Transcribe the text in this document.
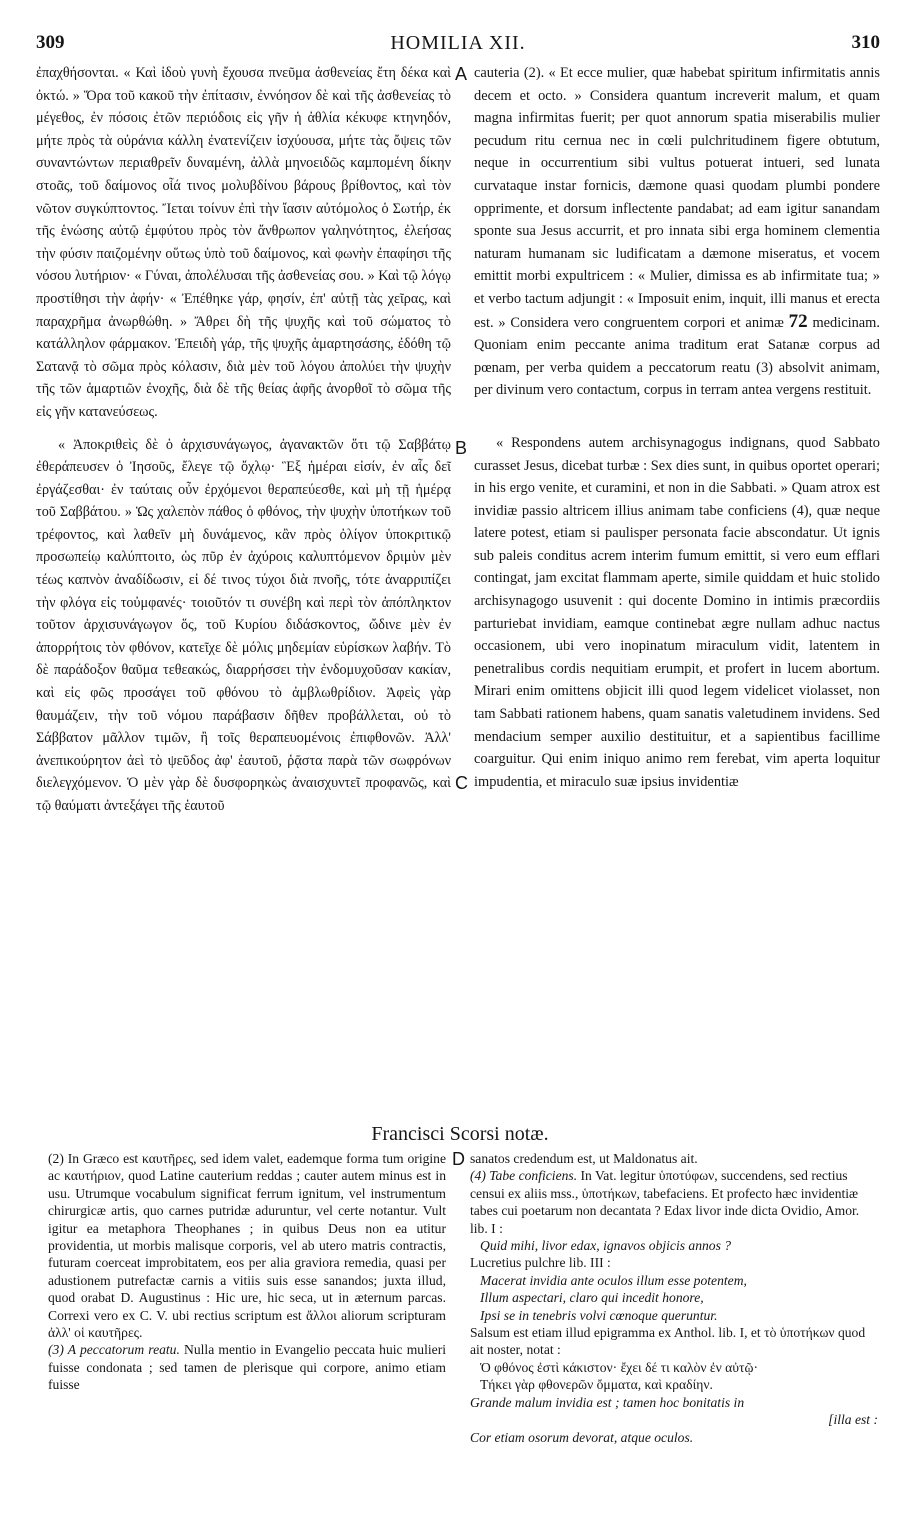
309	HOMILIA XII.	310

ἐπαχθήσονται. « Καὶ ἰδοὺ γυνὴ ἔχουσα πνεῦμα ἀσθενείας ἔτη δέκα καὶ ὀκτώ. » Ὅρα τοῦ κακοῦ τὴν ἐπίτασιν, ἐννόησον δὲ καὶ τῆς ἀσθενείας τὸ μέγεθος, ἐν πόσοις ἐτῶν περιόδοις εἰς γῆν ἡ ἀθλία κέκυφε κτηνηδόν, μήτε πρὸς τὰ οὐράνια κάλλη ἐνατενίζειν ἰσχύουσα, μήτε τὰς ὄψεις τῶν συναντώντων περιαθρεῖν δυναμένη, ἀλλὰ μηνοειδῶς καμπομένη δίκην στοᾶς, τοῦ δαίμονος οἷά τινος μολυβδίνου βάρους βρίθοντος, καὶ τὸν νῶτον συγκύπτοντος. Ἴεται τοίνυν ἐπὶ τὴν ἴασιν αὐτόμολος ὁ Σωτήρ, ἐκ τῆς ἑνώσης αὐτῷ ἐμφύτου πρὸς τὸν ἄνθρωπον γαληνότητος, ἐλεήσας τὴν φύσιν παιζομένην οὕτως ὑπὸ τοῦ δαίμονος, καὶ φωνὴν ἐπαφίησι τῆς νόσου λυτήριον· « Γύναι, ἀπολέλυσαι τῆς ἀσθενείας σου. » Καὶ τῷ λόγῳ προστίθησι τὴν ἀφήν· « Ἐπέθηκε γάρ, φησίν, ἐπ' αὐτῇ τὰς χεῖρας, καὶ παραχρῆμα ἀνωρθώθη. » Ἄθρει δὴ τῆς ψυχῆς καὶ τοῦ σώματος τὸ κατάλληλον φάρμακον. Ἐπειδὴ γάρ, τῆς ψυχῆς ἁμαρτησάσης, ἐδόθη τῷ Σατανᾷ τὸ σῶμα πρὸς κόλασιν, διὰ μὲν τοῦ λόγου ἀπολύει τὴν ψυχὴν τῆς τῶν ἁμαρτιῶν ἐνοχῆς, διὰ δὲ τῆς θείας ἀφῆς ἀνορθοῖ τὸ σῶμα τῆς εἰς γῆν κατανεύσεως.

« Ἀποκριθεὶς δὲ ὁ ἀρχισυνάγωγος, ἀγανακτῶν ὅτι τῷ Σαββάτῳ ἐθεράπευσεν ὁ Ἰησοῦς, ἔλεγε τῷ ὄχλῳ· Ἓξ ἡμέραι εἰσίν, ἐν αἷς δεῖ ἐργάζεσθαι· ἐν ταύταις οὖν ἐρχόμενοι θεραπεύεσθε, καὶ μὴ τῇ ἡμέρᾳ τοῦ Σαββάτου. » Ὡς χαλεπὸν πάθος ὁ φθόνος, τὴν ψυχὴν ὑποτήκων τοῦ τρέφοντος, καὶ λαθεῖν μὴ δυνάμενος, κἂν πρὸς ὀλίγον ὑποκριτικῷ προσωπείῳ καλύπτοιτο, ὡς πῦρ ἐν ἀχύροις καλυπτόμενον δριμὺν μὲν τέως καπνὸν ἀναδίδωσιν, εἰ δέ τινος τύχοι διὰ πνοῆς, τότε ἀναρριπίζει τὴν φλόγα εἰς τοὐμφανές· τοιοῦτόν τι συνέβη καὶ περὶ τὸν ἀπόπληκτον τοῦτον ἀρχισυνάγωγον ὅς, τοῦ Κυρίου διδάσκοντος, ὤδινε μὲν ἐν ἀπορρήτοις τὸν φθόνον, κατεῖχε δὲ μόλις μηδεμίαν εὑρίσκων λαβήν. Τὸ δὲ παράδοξον θαῦμα τεθεακώς, διαρρήσσει τὴν ἐνδομυχοῦσαν κακίαν, καὶ εἰς φῶς προσάγει τοῦ φθόνου τὸ ἀμβλωθρίδιον. Ἀφεὶς γὰρ θαυμάζειν, τὴν τοῦ νόμου παράβασιν δῆθεν προβάλλεται, οὐ τὸ Σάββατον μᾶλλον τιμῶν, ἢ τοῖς θεραπευομένοις ἐπιφθονῶν. Ἀλλ' ἀνεπικούρητον ἀεὶ τὸ ψεῦδος ἀφ' ἑαυτοῦ, ῥᾷστα παρὰ τῶν σωφρόνων διελεγχόμενον. Ὁ μὲν γὰρ δὲ δυσφορηκὼς ἀναισχυντεῖ προφανῶς, καὶ τῷ θαύματι ἀντεξάγει τῆς ἑαυτοῦ

cauteria (2). « Et ecce mulier, quæ habebat spiritum infirmitatis annis decem et octo. » Considera quantum increverit malum, et quam magna infirmitas fuerit; per quot annorum spatia miserabilis mulier pecudum ritu cernua nec in cœli pulchritudinem figere obtutum, neque in occurrentium sibi vultus potuerat intueri, sed lunata curvataque instar fornicis, dæmone quasi quodam plumbi pondere opprimente, et dorsum inflectente pandabat; ad eam igitur sanandam sponte sua Jesus accurrit, et pro innata sibi erga hominem clementia naturam humanam sic ludificatam a dæmone miseratus, et vocem emittit morbi expultricem : « Mulier, dimissa es ab infirmitate tua; » et verbo tactum adjungit : « Imposuit enim, inquit, illi manus et erecta est. » Considera vero congruentem corpori et animæ 72 medicinam. Quoniam enim peccante anima traditum erat Satanæ corpus ad pœnam, per verba quidem a peccatorum reatu (3) absolvit animam, per divinum vero contactum, corpus in terram antea vergens restituit.

« Respondens autem archisynagogus indignans, quod Sabbato curasset Jesus, dicebat turbæ : Sex dies sunt, in quibus oportet operari; in his ergo venite, et curamini, et non in die Sabbati. » Quam atrox est invidiæ passio altricem illius animam tabe conficiens (4), quæ neque latere potest, etiam si paulisper personata facie abscondatur. Ut ignis sub paleis conditus acrem interim fumum emittit, si vero eum efflari contingat, jam excitat flammam aperte, simile quiddam et huic stolido archisynagogo usuvenit : qui docente Domino in intimis præcordiis parturiebat invidiam, eamque continebat ægre nullam adhuc nactus occasionem, ubi vero inopinatum miraculum vidit, latentem in penetralibus cordis nequitiam erumpit, et profert in lucem abortum. Mirari enim omittens objicit illi quod legem videlicet violasset, non tam Sabbati rationem habens, quam sanatis valetudinem invidens. Sed mendacium semper auxilio destituitur, et a sapientibus facillime coarguitur. Qui enim iniquo animo rem ferebat, vim aperta loquitur impudentia, et miraculo suæ ipsius invidentiæ

A
B
C
D
Francisci Scorsi notæ.

(2) In Græco est καυτῆρες, sed idem valet, eademque forma tum origine ac καυτήριον, quod Latine cauterium reddas ; cauter autem minus est in usu. Utrumque vocabulum significat ferrum ignitum, vel instrumentum chirurgicæ artis, quo carnes putridæ aduruntur, vel certe notantur. Vult igitur ea metaphora Theophanes ; in quibus Deus non ea utitur providentia, ut morbis malisque corporis, vel ab utero matris contractis, futuram coerceat improbitatem, eos per alia graviora remedia, quasi per adustionem putrefactæ carnis a vitiis suis esse sanandos; juxta illud, quod orabat D. Augustinus : Hic ure, hic seca, ut in æternum parcas. Correxi vero ex C. V. ubi rectius scriptum est ἄλλοι aliorum scripturam ἀλλ' οἱ καυτῆρες.

(3) A peccatorum reatu. Nulla mentio in Evangelio peccata huic mulieri fuisse condonata ; sed tamen de plerisque qui corpore, animo etiam fuisse

sanatos credendum est, ut Maldonatus ait.

(4) Tabe conficiens. In Vat. legitur ὑποτύφων, succendens, sed rectius censui ex aliis mss., ὑποτήκων, tabefaciens. Et profecto hæc invidentiæ tabes cui poetarum non decantata ? Edax livor inde dicta Ovidio, Amor. lib. I :

Quid mihi, livor edax, ignavos objicis annos ?

Lucretius pulchre lib. III :

Macerat invidia ante oculos illum esse potentem,

Illum aspectari, claro qui incedit honore,

Ipsi se in tenebris volvi cœnoque queruntur.

Salsum est etiam illud epigramma ex Anthol. lib. I, et τὸ ὑποτήκων quod ait noster, notat :

Ὁ φθόνος ἐστὶ κάκιστον· ἔχει δέ τι καλὸν ἐν αὐτῷ·

Τήκει γὰρ φθονερῶν ὄμματα, καὶ κραδίην.

Grande malum invidia est ; tamen hoc bonitatis in

[illa est :

Cor etiam osorum devorat, atque oculos.
